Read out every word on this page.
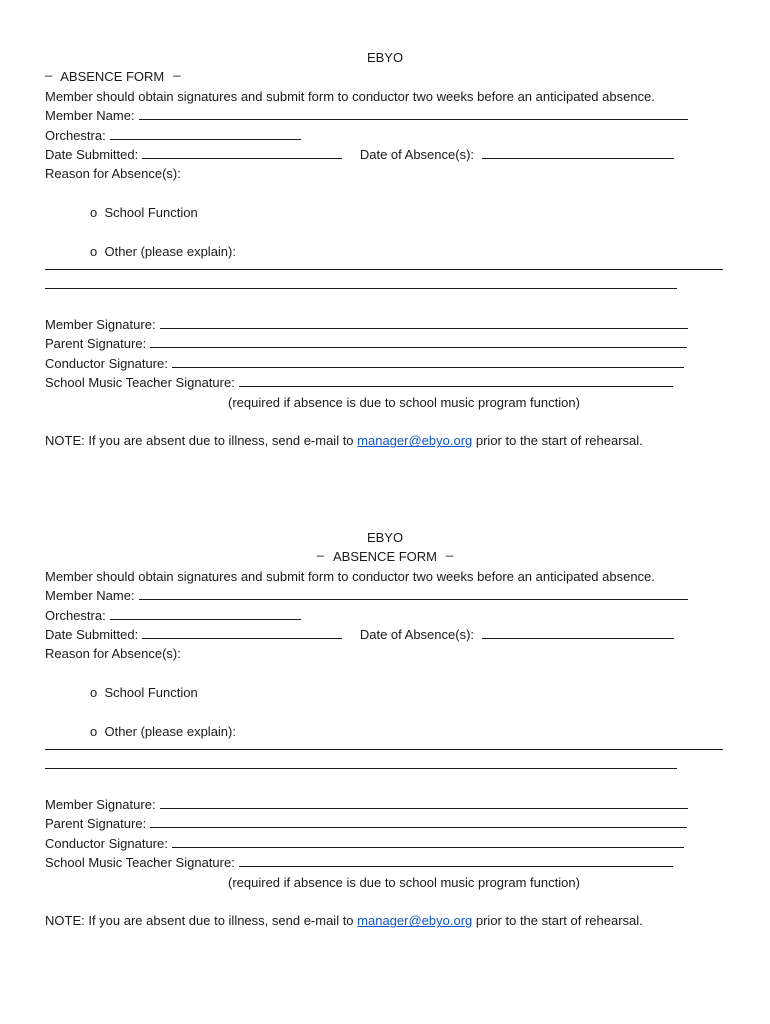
EBYO
_ ABSENCE FORM _
Member should obtain signatures and submit form to conductor two weeks before an anticipated absence.
Member Name:
Orchestra:
Date Submitted:	Date of Absence(s):
Reason for Absence(s):
o School Function
o Other (please explain):
Member Signature:
Parent Signature:
Conductor Signature:
School Music Teacher Signature:
(required if absence is due to school music program function)
NOTE: If you are absent due to illness, send e-mail to manager@ebyo.org prior to the start of rehearsal.
EBYO
_ ABSENCE FORM _
Member should obtain signatures and submit form to conductor two weeks before an anticipated absence.
Member Name:
Orchestra:
Date Submitted:	Date of Absence(s):
Reason for Absence(s):
o School Function
o Other (please explain):
Member Signature:
Parent Signature:
Conductor Signature:
School Music Teacher Signature:
(required if absence is due to school music program function)
NOTE: If you are absent due to illness, send e-mail to manager@ebyo.org prior to the start of rehearsal.
